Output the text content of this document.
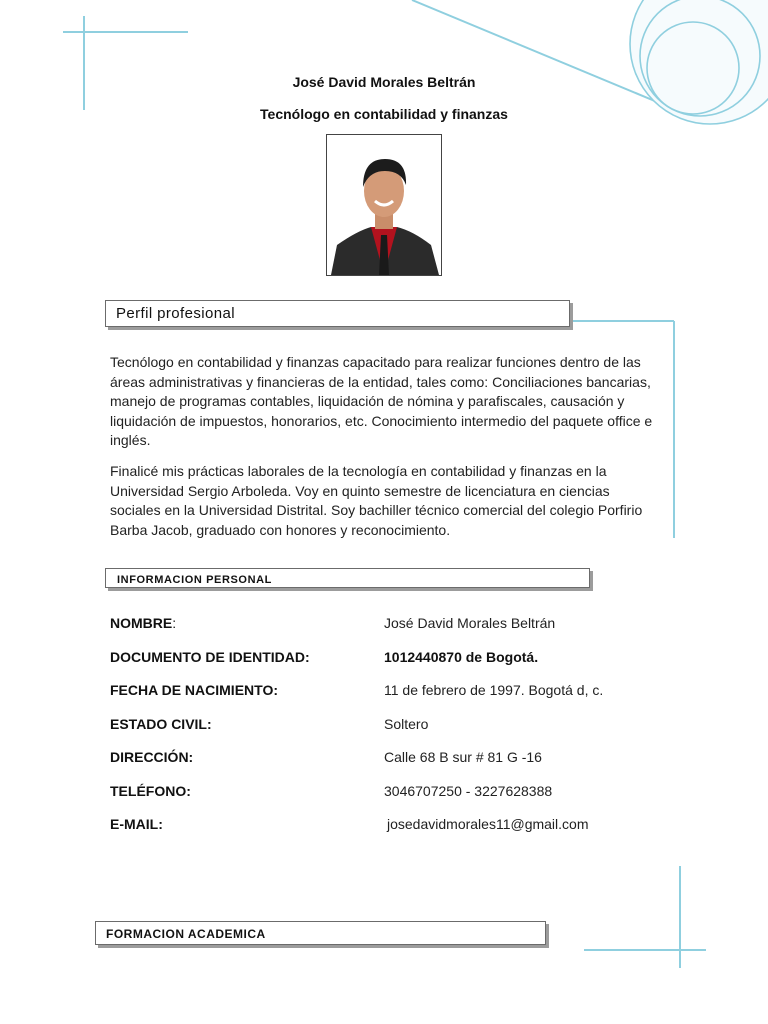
José David Morales Beltrán
Tecnólogo en contabilidad y finanzas
Perfil profesional
Tecnólogo en contabilidad y finanzas capacitado para realizar funciones dentro de las áreas administrativas y financieras de la entidad, tales como: Conciliaciones bancarias, manejo de programas contables, liquidación de nómina y parafiscales, causación y liquidación de impuestos, honorarios, etc. Conocimiento intermedio del paquete office e inglés.
Finalicé mis prácticas laborales de la tecnología en contabilidad y finanzas en la Universidad Sergio Arboleda. Voy en quinto semestre de licenciatura en ciencias sociales en la Universidad Distrital. Soy bachiller técnico comercial del colegio Porfirio Barba Jacob, graduado con honores y reconocimiento.
INFORMACION PERSONAL
NOMBRE:	José David Morales Beltrán
DOCUMENTO DE IDENTIDAD:	1012440870 de Bogotá.
FECHA DE NACIMIENTO:	11 de febrero de 1997. Bogotá d, c.
ESTADO CIVIL:	Soltero
DIRECCIÓN:	Calle 68 B sur # 81 G -16
TELÉFONO:	3046707250 - 3227628388
E-MAIL:	josedavidmorales11@gmail.com
FORMACION ACADEMICA
